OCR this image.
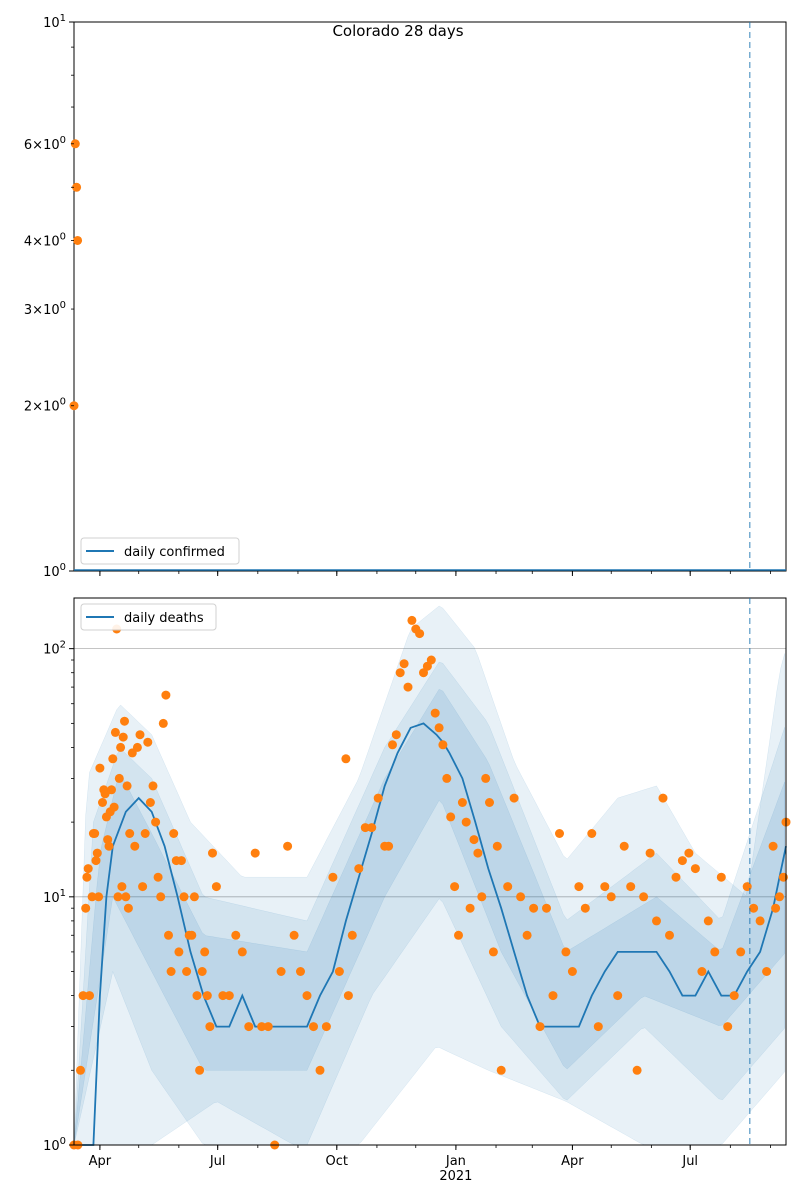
$10^0$
$10^1$
$2\times 10^0$
$3\times 10^0$
$4\times 10^0$
$6\times 10^0$
Colorado 28 days
daily confirmed
$10^0$
$10^1$
$10^2$
Apr	Jul	Oct	Jan
2021
Apr	Jul
daily deaths
